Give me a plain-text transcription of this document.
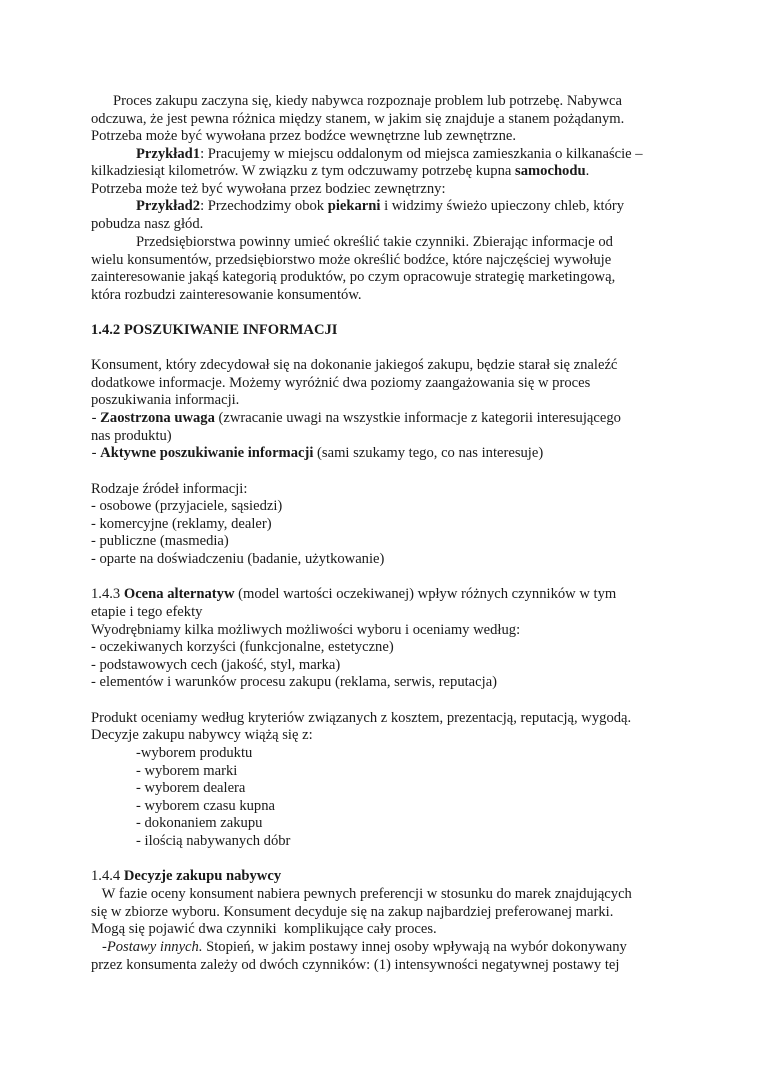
Proces zakupu zaczyna się, kiedy nabywca rozpoznaje problem lub potrzebę. Nabywca
odczuwa, że jest pewna różnica między stanem, w jakim się znajduje a stanem pożądanym.
Potrzeba może być wywołana przez bodźce wewnętrzne lub zewnętrzne.
Przykład1: Pracujemy w miejscu oddalonym od miejsca zamieszkania o kilkanaście –
kilkadziesiąt kilometrów. W związku z tym odczuwamy potrzebę kupna samochodu.
Potrzeba może też być wywołana przez bodziec zewnętrzny:
Przykład2: Przechodzimy obok piekarni i widzimy świeżo upieczony chleb, który
pobudza nasz głód.
Przedsiębiorstwa powinny umieć określić takie czynniki. Zbierając informacje od
wielu konsumentów, przedsiębiorstwo może określić bodźce, które najczęściej wywołuje
zainteresowanie jakąś kategorią produktów, po czym opracowuje strategię marketingową,
która rozbudzi zainteresowanie konsumentów.
1.4.2 POSZUKIWANIE INFORMACJI
Konsument, który zdecydował się na dokonanie jakiegoś zakupu, będzie starał się znaleźć
dodatkowe informacje. Możemy wyróżnić dwa poziomy zaangażowania się w proces
poszukiwania informacji.
- Zaostrzona uwaga (zwracanie uwagi na wszystkie informacje z kategorii interesującego
nas produktu)
- Aktywne poszukiwanie informacji (sami szukamy tego, co nas interesuje)
Rodzaje źródeł informacji:
- osobowe (przyjaciele, sąsiedzi)
- komercyjne (reklamy, dealer)
- publiczne (masmedia)
- oparte na doświadczeniu (badanie, użytkowanie)
1.4.3 Ocena alternatyw (model wartości oczekiwanej) wpływ różnych czynników w tym
etapie i tego efekty
Wyodrębniamy kilka możliwych możliwości wyboru i oceniamy według:
- oczekiwanych korzyści (funkcjonalne, estetyczne)
- podstawowych cech (jakość, styl, marka)
- elementów i warunków procesu zakupu (reklama, serwis, reputacja)
Produkt oceniamy według kryteriów związanych z kosztem, prezentacją, reputacją, wygodą.
Decyzje zakupu nabywcy wiążą się z:
-wyborem produktu
- wyborem marki
- wyborem dealera
- wyborem czasu kupna
- dokonaniem zakupu
- ilością nabywanych dóbr
1.4.4 Decyzje zakupu nabywcy
W fazie oceny konsument nabiera pewnych preferencji w stosunku do marek znajdujących
się w zbiorze wyboru. Konsument decyduje się na zakup najbardziej preferowanej marki.
Mogą się pojawić dwa czynniki  komplikujące cały proces.
-Postawy innych. Stopień, w jakim postawy innej osoby wpływają na wybór dokonywany
przez konsumenta zależy od dwóch czynników: (1) intensywności negatywnej postawy tej
